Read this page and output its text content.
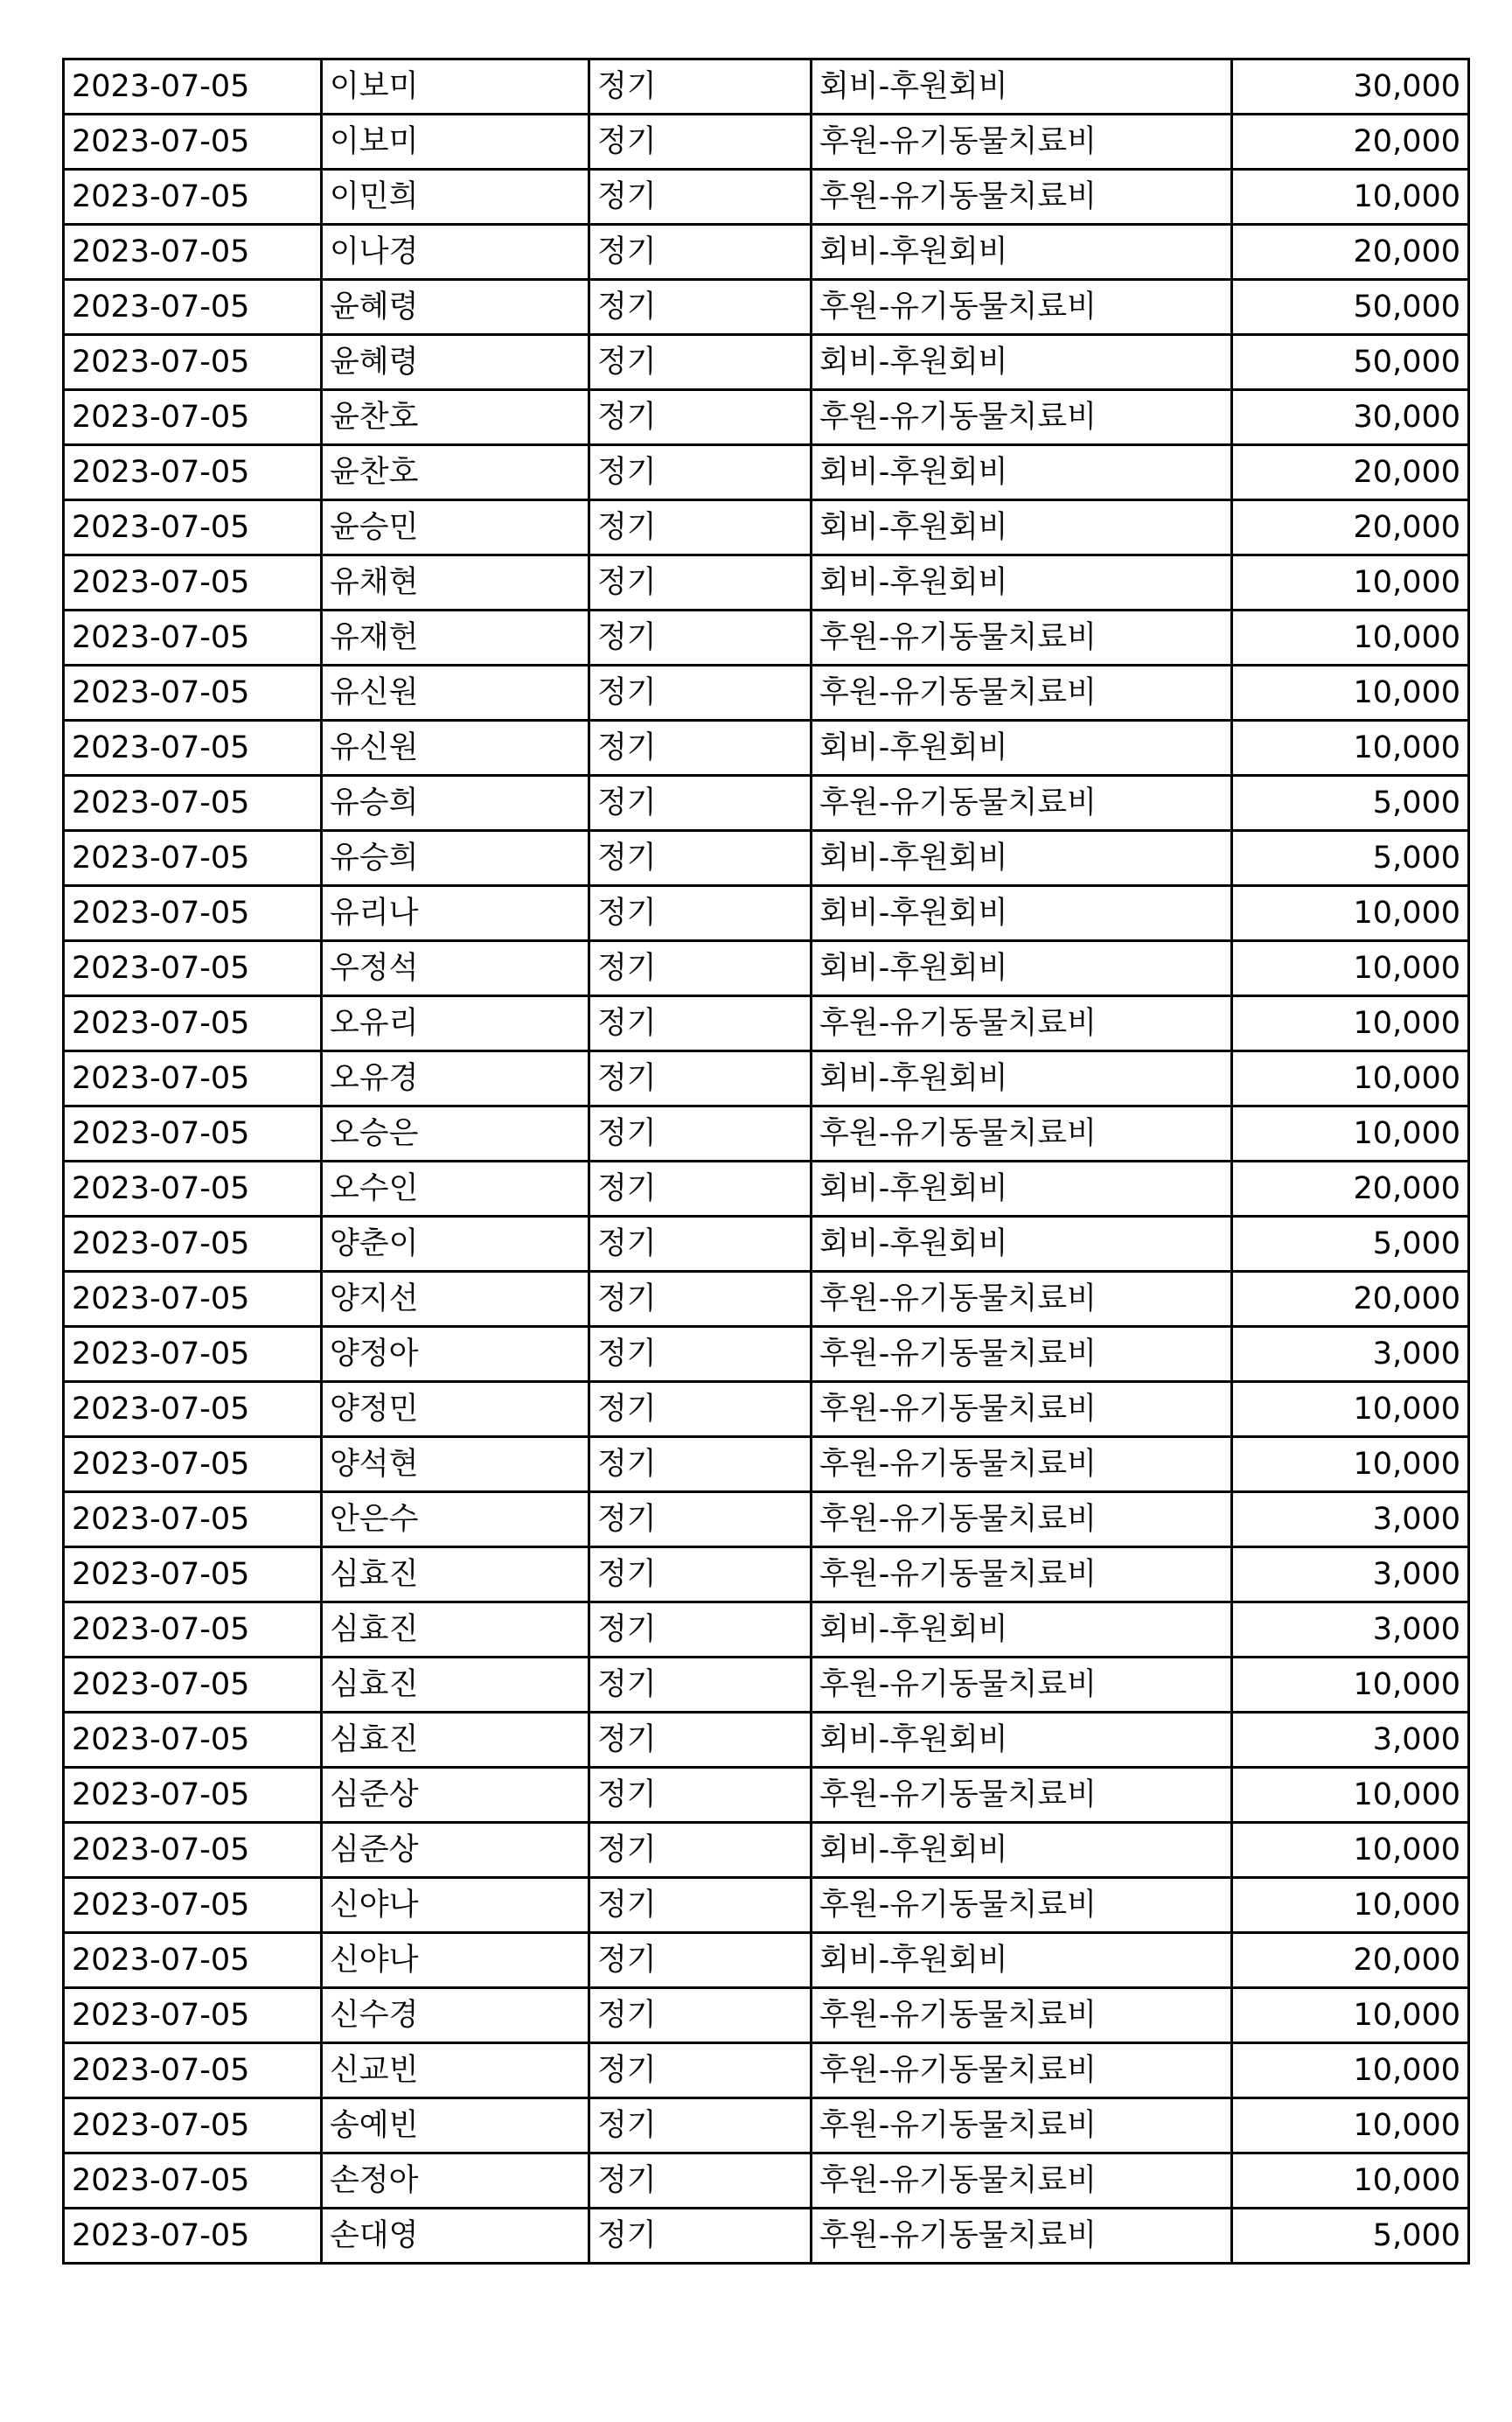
2023-07-05	이보미	정기	회비-후원회비	30,000
2023-07-05	이보미	정기	후원-유기동물치료비	20,000
2023-07-05	이민희	정기	후원-유기동물치료비	10,000
2023-07-05	이나경	정기	회비-후원회비	20,000
2023-07-05	윤혜령	정기	후원-유기동물치료비	50,000
2023-07-05	윤혜령	정기	회비-후원회비	50,000
2023-07-05	윤찬호	정기	후원-유기동물치료비	30,000
2023-07-05	윤찬호	정기	회비-후원회비	20,000
2023-07-05	윤승민	정기	회비-후원회비	20,000
2023-07-05	유채현	정기	회비-후원회비	10,000
2023-07-05	유재헌	정기	후원-유기동물치료비	10,000
2023-07-05	유신원	정기	후원-유기동물치료비	10,000
2023-07-05	유신원	정기	회비-후원회비	10,000
2023-07-05	유승희	정기	후원-유기동물치료비	5,000
2023-07-05	유승희	정기	회비-후원회비	5,000
2023-07-05	유리나	정기	회비-후원회비	10,000
2023-07-05	우정석	정기	회비-후원회비	10,000
2023-07-05	오유리	정기	후원-유기동물치료비	10,000
2023-07-05	오유경	정기	회비-후원회비	10,000
2023-07-05	오승은	정기	후원-유기동물치료비	10,000
2023-07-05	오수인	정기	회비-후원회비	20,000
2023-07-05	양춘이	정기	회비-후원회비	5,000
2023-07-05	양지선	정기	후원-유기동물치료비	20,000
2023-07-05	양정아	정기	후원-유기동물치료비	3,000
2023-07-05	양정민	정기	후원-유기동물치료비	10,000
2023-07-05	양석현	정기	후원-유기동물치료비	10,000
2023-07-05	안은수	정기	후원-유기동물치료비	3,000
2023-07-05	심효진	정기	후원-유기동물치료비	3,000
2023-07-05	심효진	정기	회비-후원회비	3,000
2023-07-05	심효진	정기	후원-유기동물치료비	10,000
2023-07-05	심효진	정기	회비-후원회비	3,000
2023-07-05	심준상	정기	후원-유기동물치료비	10,000
2023-07-05	심준상	정기	회비-후원회비	10,000
2023-07-05	신야나	정기	후원-유기동물치료비	10,000
2023-07-05	신야나	정기	회비-후원회비	20,000
2023-07-05	신수경	정기	후원-유기동물치료비	10,000
2023-07-05	신교빈	정기	후원-유기동물치료비	10,000
2023-07-05	송예빈	정기	후원-유기동물치료비	10,000
2023-07-05	손정아	정기	후원-유기동물치료비	10,000
2023-07-05	손대영	정기	후원-유기동물치료비	5,000
